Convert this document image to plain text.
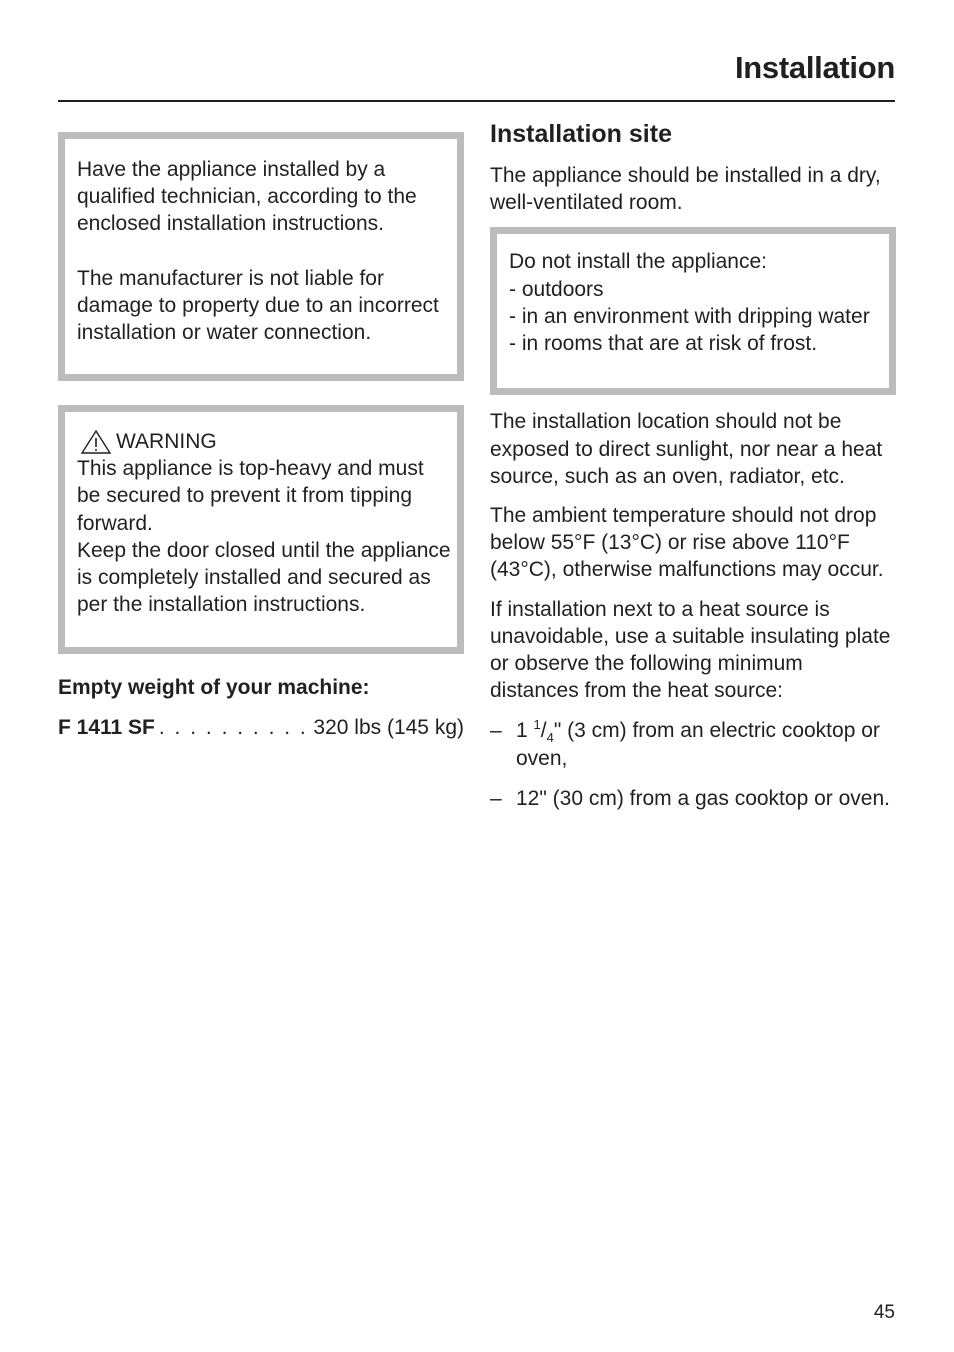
Installation

Have the appliance installed by a qualified technician, according to the enclosed installation instructions.

The manufacturer is not liable for damage to property due to an incorrect installation or water connection.

WARNING

This appliance is top-heavy and must be secured to prevent it from tipping forward.

Keep the door closed until the appliance is completely installed and secured as per the installation instructions.

Empty weight of your machine:
F 1411 SF . . . . . . . . . . 320 lbs (145 kg)
Installation site

The appliance should be installed in a dry, well-ventilated room.

Do not install the appliance:

- outdoors

- in an environment with dripping water

- in rooms that are at risk of frost.

The installation location should not be exposed to direct sunlight, nor near a heat source, such as an oven, radiator, etc.

The ambient temperature should not drop below 55°F (13°C) or rise above 110°F (43°C), otherwise malfunctions may occur.

If installation next to a heat source is unavoidable, use a suitable insulating plate or observe the following minimum distances from the heat source:

– 1 $^1/_4$" (3 cm) from an electric cooktop or oven,
– 12" (30 cm) from a gas cooktop or oven.
45
